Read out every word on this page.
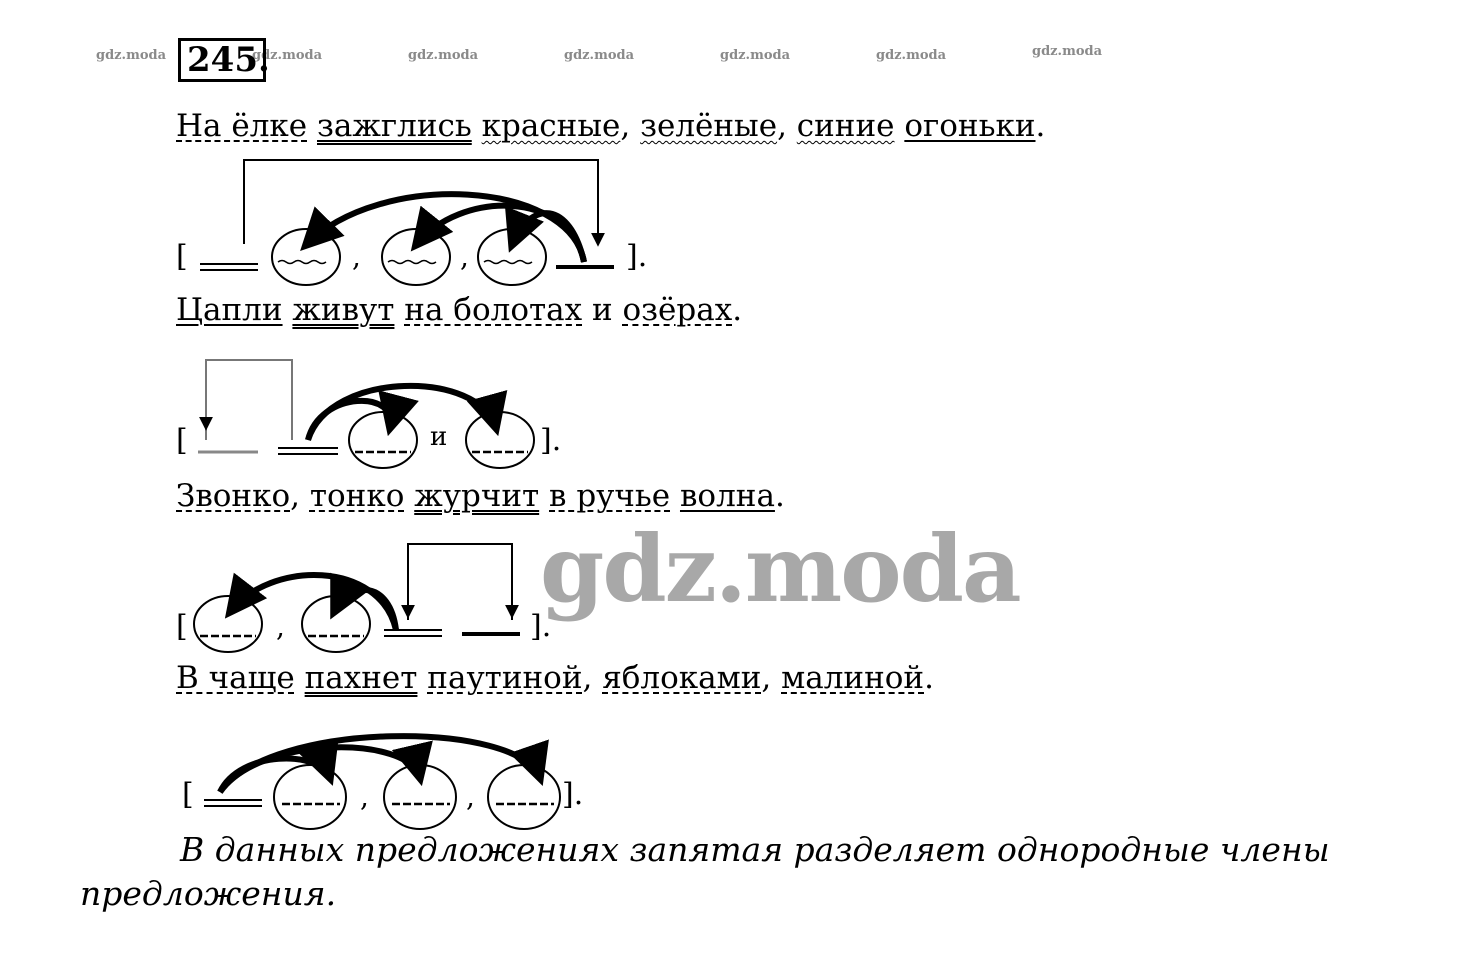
gdz.moda	gdz.moda	gdz.moda	gdz.moda	gdz.moda	gdz.moda	gdz.moda
245.
На ёлке зажглись красные, зелёные, синие огоньки.
Цапли живут на болотах и озёрах.
Звонко, тонко журчит в ручье волна.
В чаще пахнет паутиной, яблоками, малиной.
[	,	,	].
[	и	].
[	,	].
[	,	,	].
gdz.moda
В данных предложениях запятая разделяет однородные члены
предложения.
